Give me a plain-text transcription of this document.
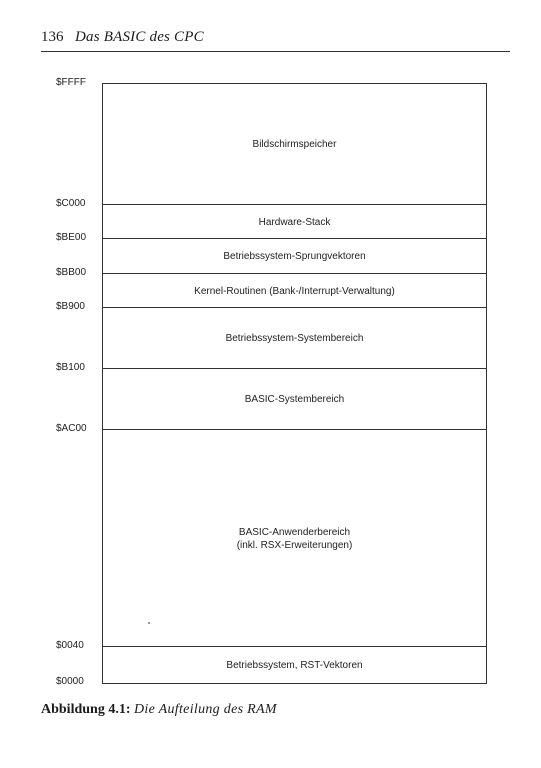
136 Das BASIC des CPC
$FFFF
$C000
$BE00
$BB00
$B900
$B100
$AC00
$0040
$0000
Bildschirmspeicher
Hardware-Stack
Betriebssystem-Sprungvektoren
Kernel-Routinen (Bank-/Interrupt-Verwaltung)
Betriebssystem-Systembereich
BASIC-Systembereich
BASIC-Anwenderbereich
(inkl. RSX-Erweiterungen)
Betriebssystem, RST-Vektoren
Abbildung 4.1: Die Aufteilung des RAM
